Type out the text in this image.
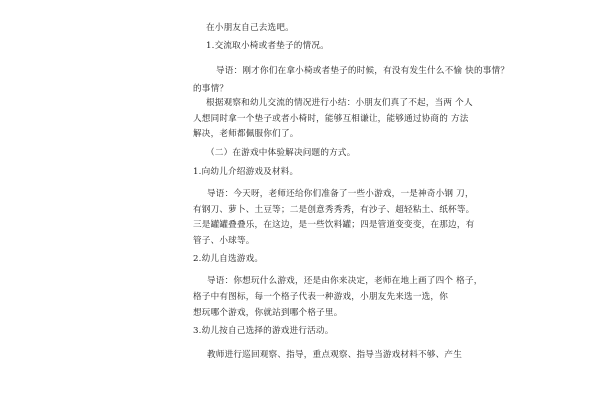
在小朋友自己去选吧。

1.交流取小椅或者垫子的情况。

导语：刚才你们在拿小椅或者垫子的时候，有没有发生什么不愉 快的事情？

的事情？

根据观察和幼儿交流的情况进行小结：小朋友们真了不起，当两 个人

人想同时拿一个垫子或者小椅时，能够互相谦让，能够通过协商的 方法

解决，老师都佩服你们了。

（二）在游戏中体验解决问题的方式。

1.向幼儿介绍游戏及材料。

导语：今天呀，老师还给你们准备了一些小游戏，一是神奇小钢 刀，

有钢刀、萝卜、土豆等；二是创意秀秀秀，有沙子、超轻粘土、纸杯等。

三是罐罐叠叠乐，在这边，是一些饮料罐；四是管道变变变，在那边，有

管子、小球等。

2.幼儿自选游戏。

导语：你想玩什么游戏，还是由你来决定，老师在地上画了四个 格子，

格子中有图标，每一个格子代表一种游戏，小朋友先来选一选，你

想玩哪个游戏，你就站到哪个格子里。

3.幼儿按自己选择的游戏进行活动。

教师进行巡回观察、指导，重点观察、指导当游戏材料不够、产生
